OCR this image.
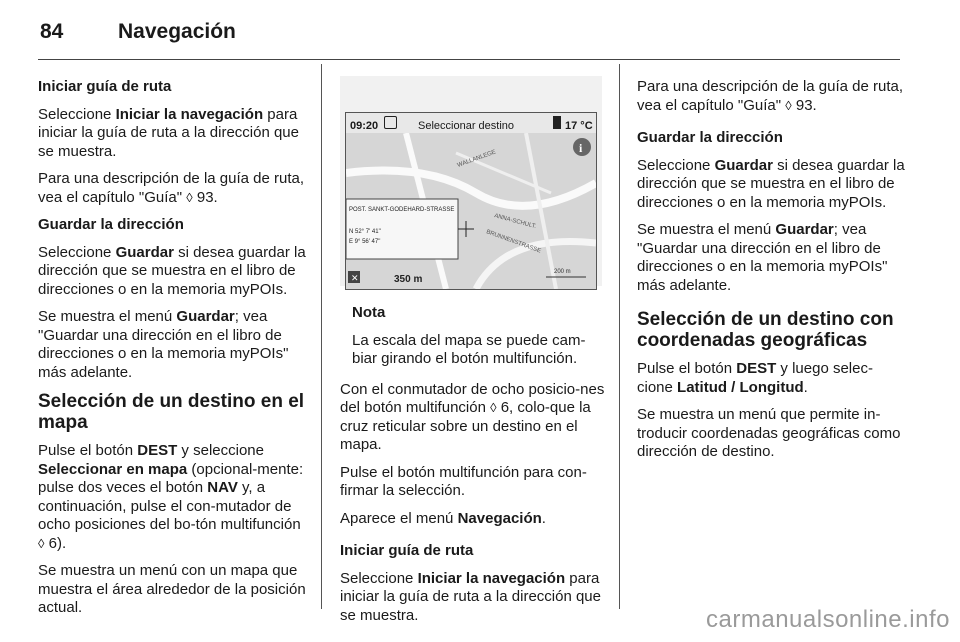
84	Navegación

Iniciar guía de ruta

Seleccione Iniciar la navegación para iniciar la guía de ruta a la dirección que se muestra.

Para una descripción de la guía de ruta, vea el capítulo "Guía" ◊ 93.

Guardar la dirección

Seleccione Guardar si desea guardar la dirección que se muestra en el libro de direcciones o en la memoria myPOIs.

Se muestra el menú Guardar; vea "Guardar una dirección en el libro de direcciones o en la memoria myPOIs" más adelante.

Selección de un destino en el mapa

Pulse el botón DEST y seleccione Seleccionar en mapa (opcional-mente: pulse dos veces el botón NAV y, a continuación, pulse el con-mutador de ocho posiciones del bo-tón multifunción ◊ 6).

Se muestra un menú con un mapa que muestra el área alrededor de la posición actual.

09:20	Seleccionar destino	17 °C
WALLANLEGE
ANNA-SCHULT.
BRUNNENSTRASSE
i
POST. SANKT-GODEHARD-STRASSE
N 52° 7' 41"
E 9° 56' 47"
✕	350 m
200 m

Nota

La escala del mapa se puede cam-biar girando el botón multifunción.

Con el conmutador de ocho posicio-nes del botón multifunción ◊ 6, colo-que la cruz reticular sobre un destino en el mapa.

Pulse el botón multifunción para con-firmar la selección.

Aparece el menú Navegación.

Iniciar guía de ruta

Seleccione Iniciar la navegación para iniciar la guía de ruta a la dirección que se muestra.

Para una descripción de la guía de ruta, vea el capítulo "Guía" ◊ 93.

Guardar la dirección

Seleccione Guardar si desea guardar la dirección que se muestra en el libro de direcciones o en la memoria myPOIs.

Se muestra el menú Guardar; vea "Guardar una dirección en el libro de direcciones o en la memoria myPOIs" más adelante.

Selección de un destino con coordenadas geográficas

Pulse el botón DEST y luego selec-cione Latitud / Longitud.

Se muestra un menú que permite in-troducir coordenadas geográficas como dirección de destino.

carmanualsonline.info
